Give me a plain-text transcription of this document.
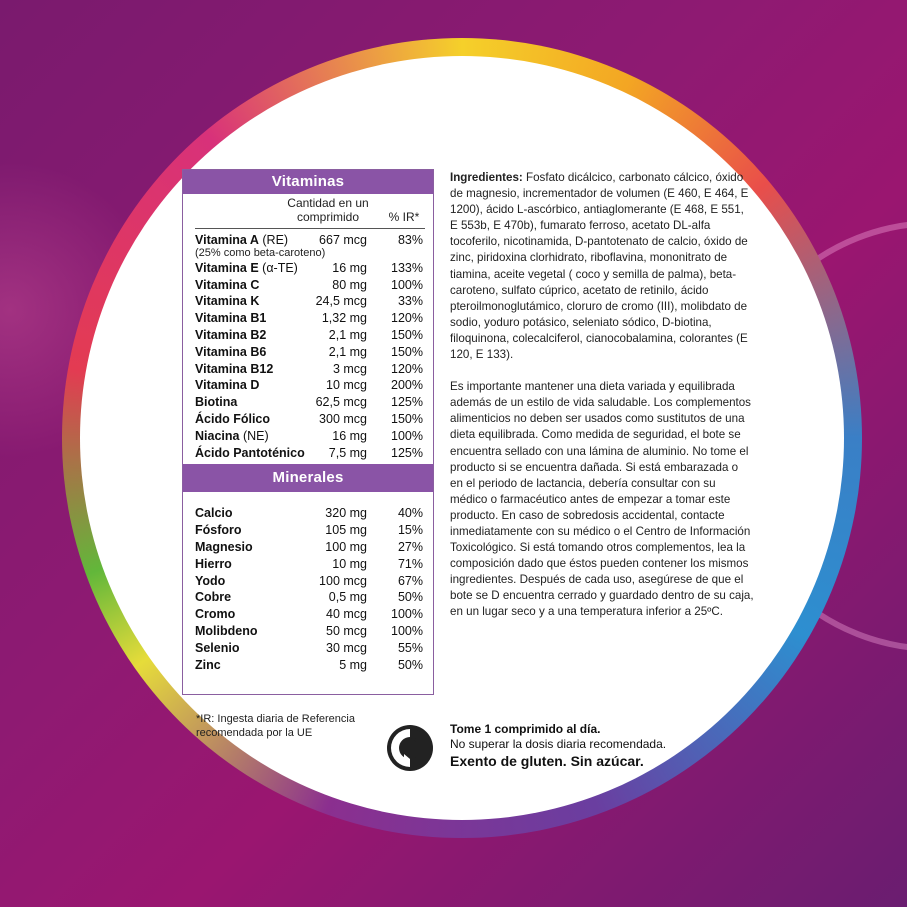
Vitaminas
Cantidad en un comprimido	% IR*
Vitamina A (RE)	667 mcg	83%
(25% como beta-caroteno)
Vitamina E (α-TE)	16 mg	133%
Vitamina C	80 mg	100%
Vitamina K	24,5 mcg	33%
Vitamina B1	1,32 mg	120%
Vitamina B2	2,1 mg	150%
Vitamina B6	2,1 mg	150%
Vitamina B12	3 mcg	120%
Vitamina D	10 mcg	200%
Biotina	62,5 mcg	125%
Ácido Fólico	300 mcg	150%
Niacina (NE)	16 mg	100%
Ácido Pantoténico	7,5 mg	125%
Minerales
Calcio	320 mg	40%
Fósforo	105 mg	15%
Magnesio	100 mg	27%
Hierro	10 mg	71%
Yodo	100 mcg	67%
Cobre	0,5 mg	50%
Cromo	40 mcg	100%
Molibdeno	50 mcg	100%
Selenio	30 mcg	55%
Zinc	5 mg	50%
*IR: Ingesta diaria de Referencia recomendada por la UE

Ingredientes: Fosfato dicálcico, carbonato cálcico, óxido de magnesio, incrementador de volumen (E 460, E 464, E 1200), ácido L-ascórbico, antiaglomerante (E 468, E 551, E 553b, E 470b), fumarato ferroso, acetato DL-alfa tocoferilo, nicotinamida, D-pantotenato de calcio, óxido de zinc, piridoxina clorhidrato, riboflavina, mononitrato de tiamina, aceite vegetal ( coco y semilla de palma), beta-caroteno, sulfato cúprico, acetato de retinilo, ácido pteroilmonoglutámico, cloruro de cromo (III), molibdato de sodio, yoduro potásico, seleniato sódico, D-biotina, filoquinona, colecalciferol, cianocobalamina, colorantes (E 120, E 133).

Es importante mantener una dieta variada y equilibrada además de un estilo de vida saludable. Los complementos alimenticios no deben ser usados como sustitutos de una dieta equilibrada. Como medida de seguridad, el bote se encuentra sellado con una lámina de aluminio. No tome el producto si se encuentra dañada. Si está embarazada o en el periodo de lactancia, debería consultar con su médico o farmacéutico antes de empezar a tomar este producto. En caso de sobredosis accidental, contacte inmediatamente con su médico o el Centro de Información Toxicológico. Si está tomando otros complementos, lea la composición dado que éstos pueden contener los mismos ingredientes. Después de cada uso, asegúrese de que el bote se D encuentra cerrado y guardado dentro de su caja, en un lugar seco y a una temperatura inferior a 25ºC.

Tome 1 comprimido al día.
No superar la dosis diaria recomendada.
Exento de gluten. Sin azúcar.
